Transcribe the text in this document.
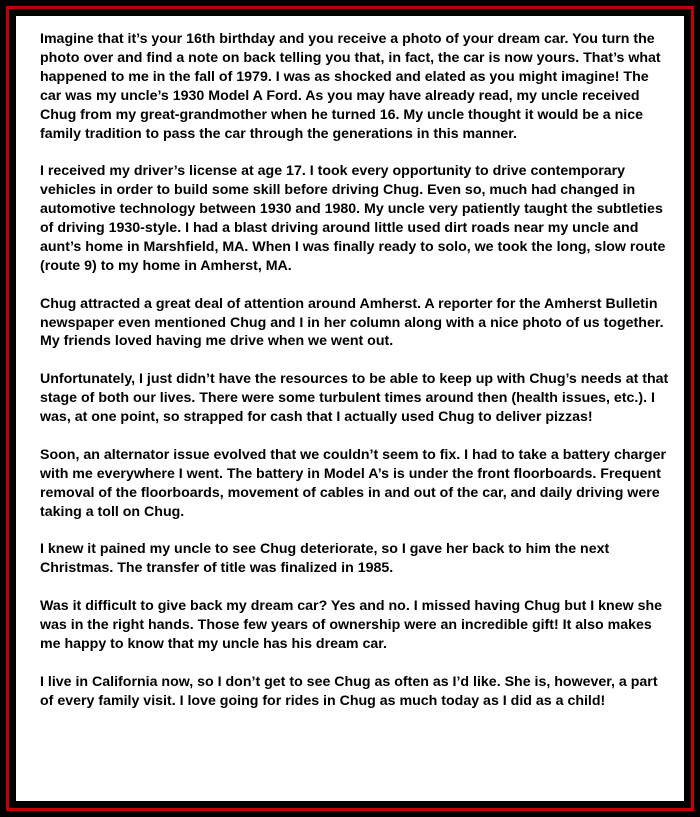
Imagine that it’s your 16th birthday and you receive a photo of your dream car. You turn the photo over and find a note on back telling you that, in fact, the car is now yours. That’s what happened to me in the fall of 1979. I was as shocked and elated as you might imagine! The car was my uncle’s 1930 Model A Ford. As you may have already read, my uncle received Chug from my great-grandmother when he turned 16. My uncle thought it would be a nice family tradition to pass the car through the generations in this manner.

I received my driver’s license at age 17. I took every opportunity to drive contemporary vehicles in order to build some skill before driving Chug. Even so, much had changed in automotive technology between 1930 and 1980. My uncle very patiently taught the subtleties of driving 1930-style. I had a blast driving around little used dirt roads near my uncle and aunt’s home in Marshfield, MA. When I was finally ready to solo, we took the long, slow route (route 9) to my home in Amherst, MA.

Chug attracted a great deal of attention around Amherst. A reporter for the Amherst Bulletin newspaper even mentioned Chug and I in her column along with a nice photo of us together. My friends loved having me drive when we went out.

Unfortunately, I just didn’t have the resources to be able to keep up with Chug’s needs at that stage of both our lives. There were some turbulent times around then (health issues, etc.). I was, at one point, so strapped for cash that I actually used Chug to deliver pizzas!

Soon, an alternator issue evolved that we couldn’t seem to fix. I had to take a battery charger with me everywhere I went. The battery in Model A’s is under the front floorboards. Frequent removal of the floorboards, movement of cables in and out of the car, and daily driving were taking a toll on Chug.

I knew it pained my uncle to see Chug deteriorate, so I gave her back to him the next Christmas. The transfer of title was finalized in 1985.

Was it difficult to give back my dream car? Yes and no. I missed having Chug but I knew she was in the right hands. Those few years of ownership were an incredible gift! It also makes me happy to know that my uncle has his dream car.

I live in California now, so I don’t get to see Chug as often as I’d like. She is, however, a part of every family visit. I love going for rides in Chug as much today as I did as a child!
